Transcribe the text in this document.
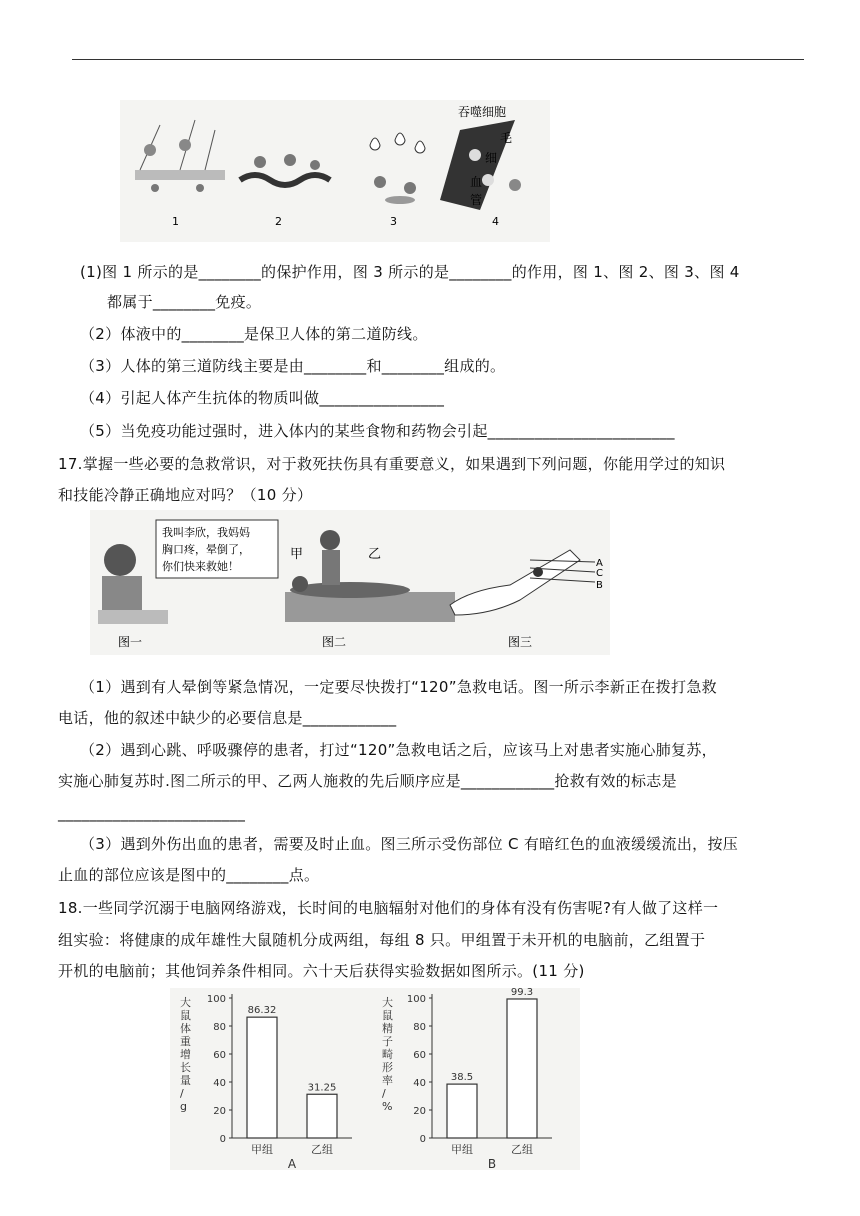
吞噬细胞
毛
细
血
管
1	2	3	4
(1)图 1 所示的是________的保护作用，图 3 所示的是________的作用，图 1、图 2、图 3、图 4
都属于________免疫。
（2）体液中的________是保卫人体的第二道防线。
（3）人体的第三道防线主要是由________和________组成的。
（4）引起人体产生抗体的物质叫做________________
（5）当免疫功能过强时，进入体内的某些食物和药物会引起________________________
17.掌握一些必要的急救常识，对于救死扶伤具有重要意义，如果遇到下列问题，你能用学过的知识
和技能冷静正确地应对吗？（10 分）
我叫李欣，我妈妈
胸口疼，晕倒了，
你们快来救她！
甲	乙
A
C
B
图一	图二	图三
（1）遇到有人晕倒等紧急情况，一定要尽快拨打“120”急救电话。图一所示李新正在拨打急救
电话，他的叙述中缺少的必要信息是____________
（2）遇到心跳、呼吸骤停的患者，打过“120”急救电话之后，应该马上对患者实施心肺复苏，
实施心肺复苏时.图二所示的甲、乙两人施救的先后顺序应是____________抢救有效的标志是
________________________
（3）遇到外伤出血的患者，需要及时止血。图三所示受伤部位 C 有暗红色的血液缓缓流出，按压
止血的部位应该是图中的________点。
18.一些同学沉溺于电脑网络游戏，长时间的电脑辐射对他们的身体有没有伤害呢?有人做了这样一
组实验：将健康的成年雄性大鼠随机分成两组，每组 8 只。甲组置于未开机的电脑前，乙组置于
开机的电脑前；其他饲养条件相同。六十天后获得实验数据如图所示。(11 分)
0
20
40
60
80
100
大
鼠
体
重
增
长
量
/
g
86.32
甲组
31.25
乙组
A
0
20
40
60
80
100
大
鼠
精
子
畸
形
率
/
%
38.5
甲组
99.3
乙组
B
